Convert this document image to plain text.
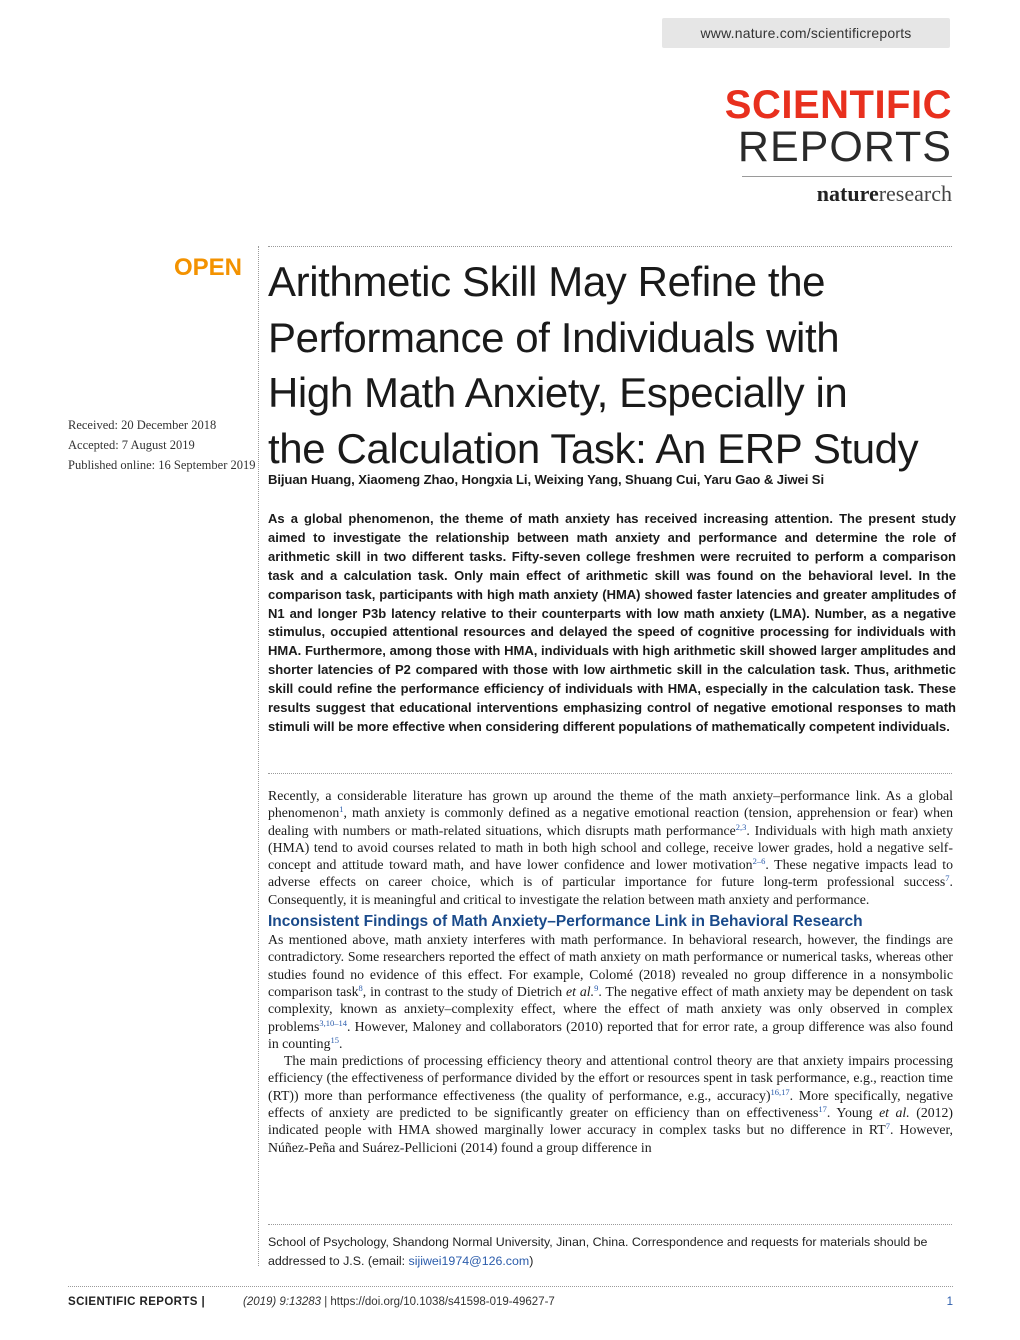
www.nature.com/scientificreports
SCIENTIFIC
REPORTS
natureresearch
OPEN
Received: 20 December 2018
Accepted: 7 August 2019
Published online: 16 September 2019
Arithmetic Skill May Refine the
Performance of Individuals with
High Math Anxiety, Especially in
the Calculation Task: An ERP Study
Bijuan Huang, Xiaomeng Zhao, Hongxia Li, Weixing Yang, Shuang Cui, Yaru Gao & Jiwei Si
As a global phenomenon, the theme of math anxiety has received increasing attention. The present study aimed to investigate the relationship between math anxiety and performance and determine the role of arithmetic skill in two different tasks. Fifty-seven college freshmen were recruited to perform a comparison task and a calculation task. Only main effect of arithmetic skill was found on the behavioral level. In the comparison task, participants with high math anxiety (HMA) showed faster latencies and greater amplitudes of N1 and longer P3b latency relative to their counterparts with low math anxiety (LMA). Number, as a negative stimulus, occupied attentional resources and delayed the speed of cognitive processing for individuals with HMA. Furthermore, among those with HMA, individuals with high arithmetic skill showed larger amplitudes and shorter latencies of P2 compared with those with low airthmetic skill in the calculation task. Thus, arithmetic skill could refine the performance efficiency of individuals with HMA, especially in the calculation task. These results suggest that educational interventions emphasizing control of negative emotional responses to math stimuli will be more effective when considering different populations of mathematically competent individuals.

Recently, a considerable literature has grown up around the theme of the math anxiety–performance link. As a global phenomenon$^1$, math anxiety is commonly defined as a negative emotional reaction (tension, apprehension or fear) when dealing with numbers or math-related situations, which disrupts math performance$^{2,3}$. Individuals with high math anxiety (HMA) tend to avoid courses related to math in both high school and college, receive lower grades, hold a negative self-concept and attitude toward math, and have lower confidence and lower motivation$^{2-6}$. These negative impacts lead to adverse effects on career choice, which is of particular importance for future long-term professional success$^7$. Consequently, it is meaningful and critical to investigate the relation between math anxiety and performance.

Inconsistent Findings of Math Anxiety–Performance Link in Behavioral Research

As mentioned above, math anxiety interferes with math performance. In behavioral research, however, the findings are contradictory. Some researchers reported the effect of math anxiety on math performance or numerical tasks, whereas other studies found no evidence of this effect. For example, Colomé (2018) revealed no group difference in a nonsymbolic comparison task$^8$, in contrast to the study of Dietrich et al.$^9$. The negative effect of math anxiety may be dependent on task complexity, known as anxiety–complexity effect, where the effect of math anxiety was only observed in complex problems$^{3,10-14}$. However, Maloney and collaborators (2010) reported that for error rate, a group difference was also found in counting$^{15}$.

The main predictions of processing efficiency theory and attentional control theory are that anxiety impairs processing efficiency (the effectiveness of performance divided by the effort or resources spent in task performance, e.g., reaction time (RT)) more than performance effectiveness (the quality of performance, e.g., accuracy)$^{16,17}$. More specifically, negative effects of anxiety are predicted to be significantly greater on efficiency than on effectiveness$^{17}$. Young et al. (2012) indicated people with HMA showed marginally lower accuracy in complex tasks but no difference in $RT^7$. However, Núñez-Peña and Suárez-Pellicioni (2014) found a group difference in

School of Psychology, Shandong Normal University, Jinan, China. Correspondence and requests for materials should be addressed to J.S. (email: sijiwei1974@126.com)
SCIENTIFIC REPORTS |	(2019) 9:13283 | https://doi.org/10.1038/s41598-019-49627-7	1
